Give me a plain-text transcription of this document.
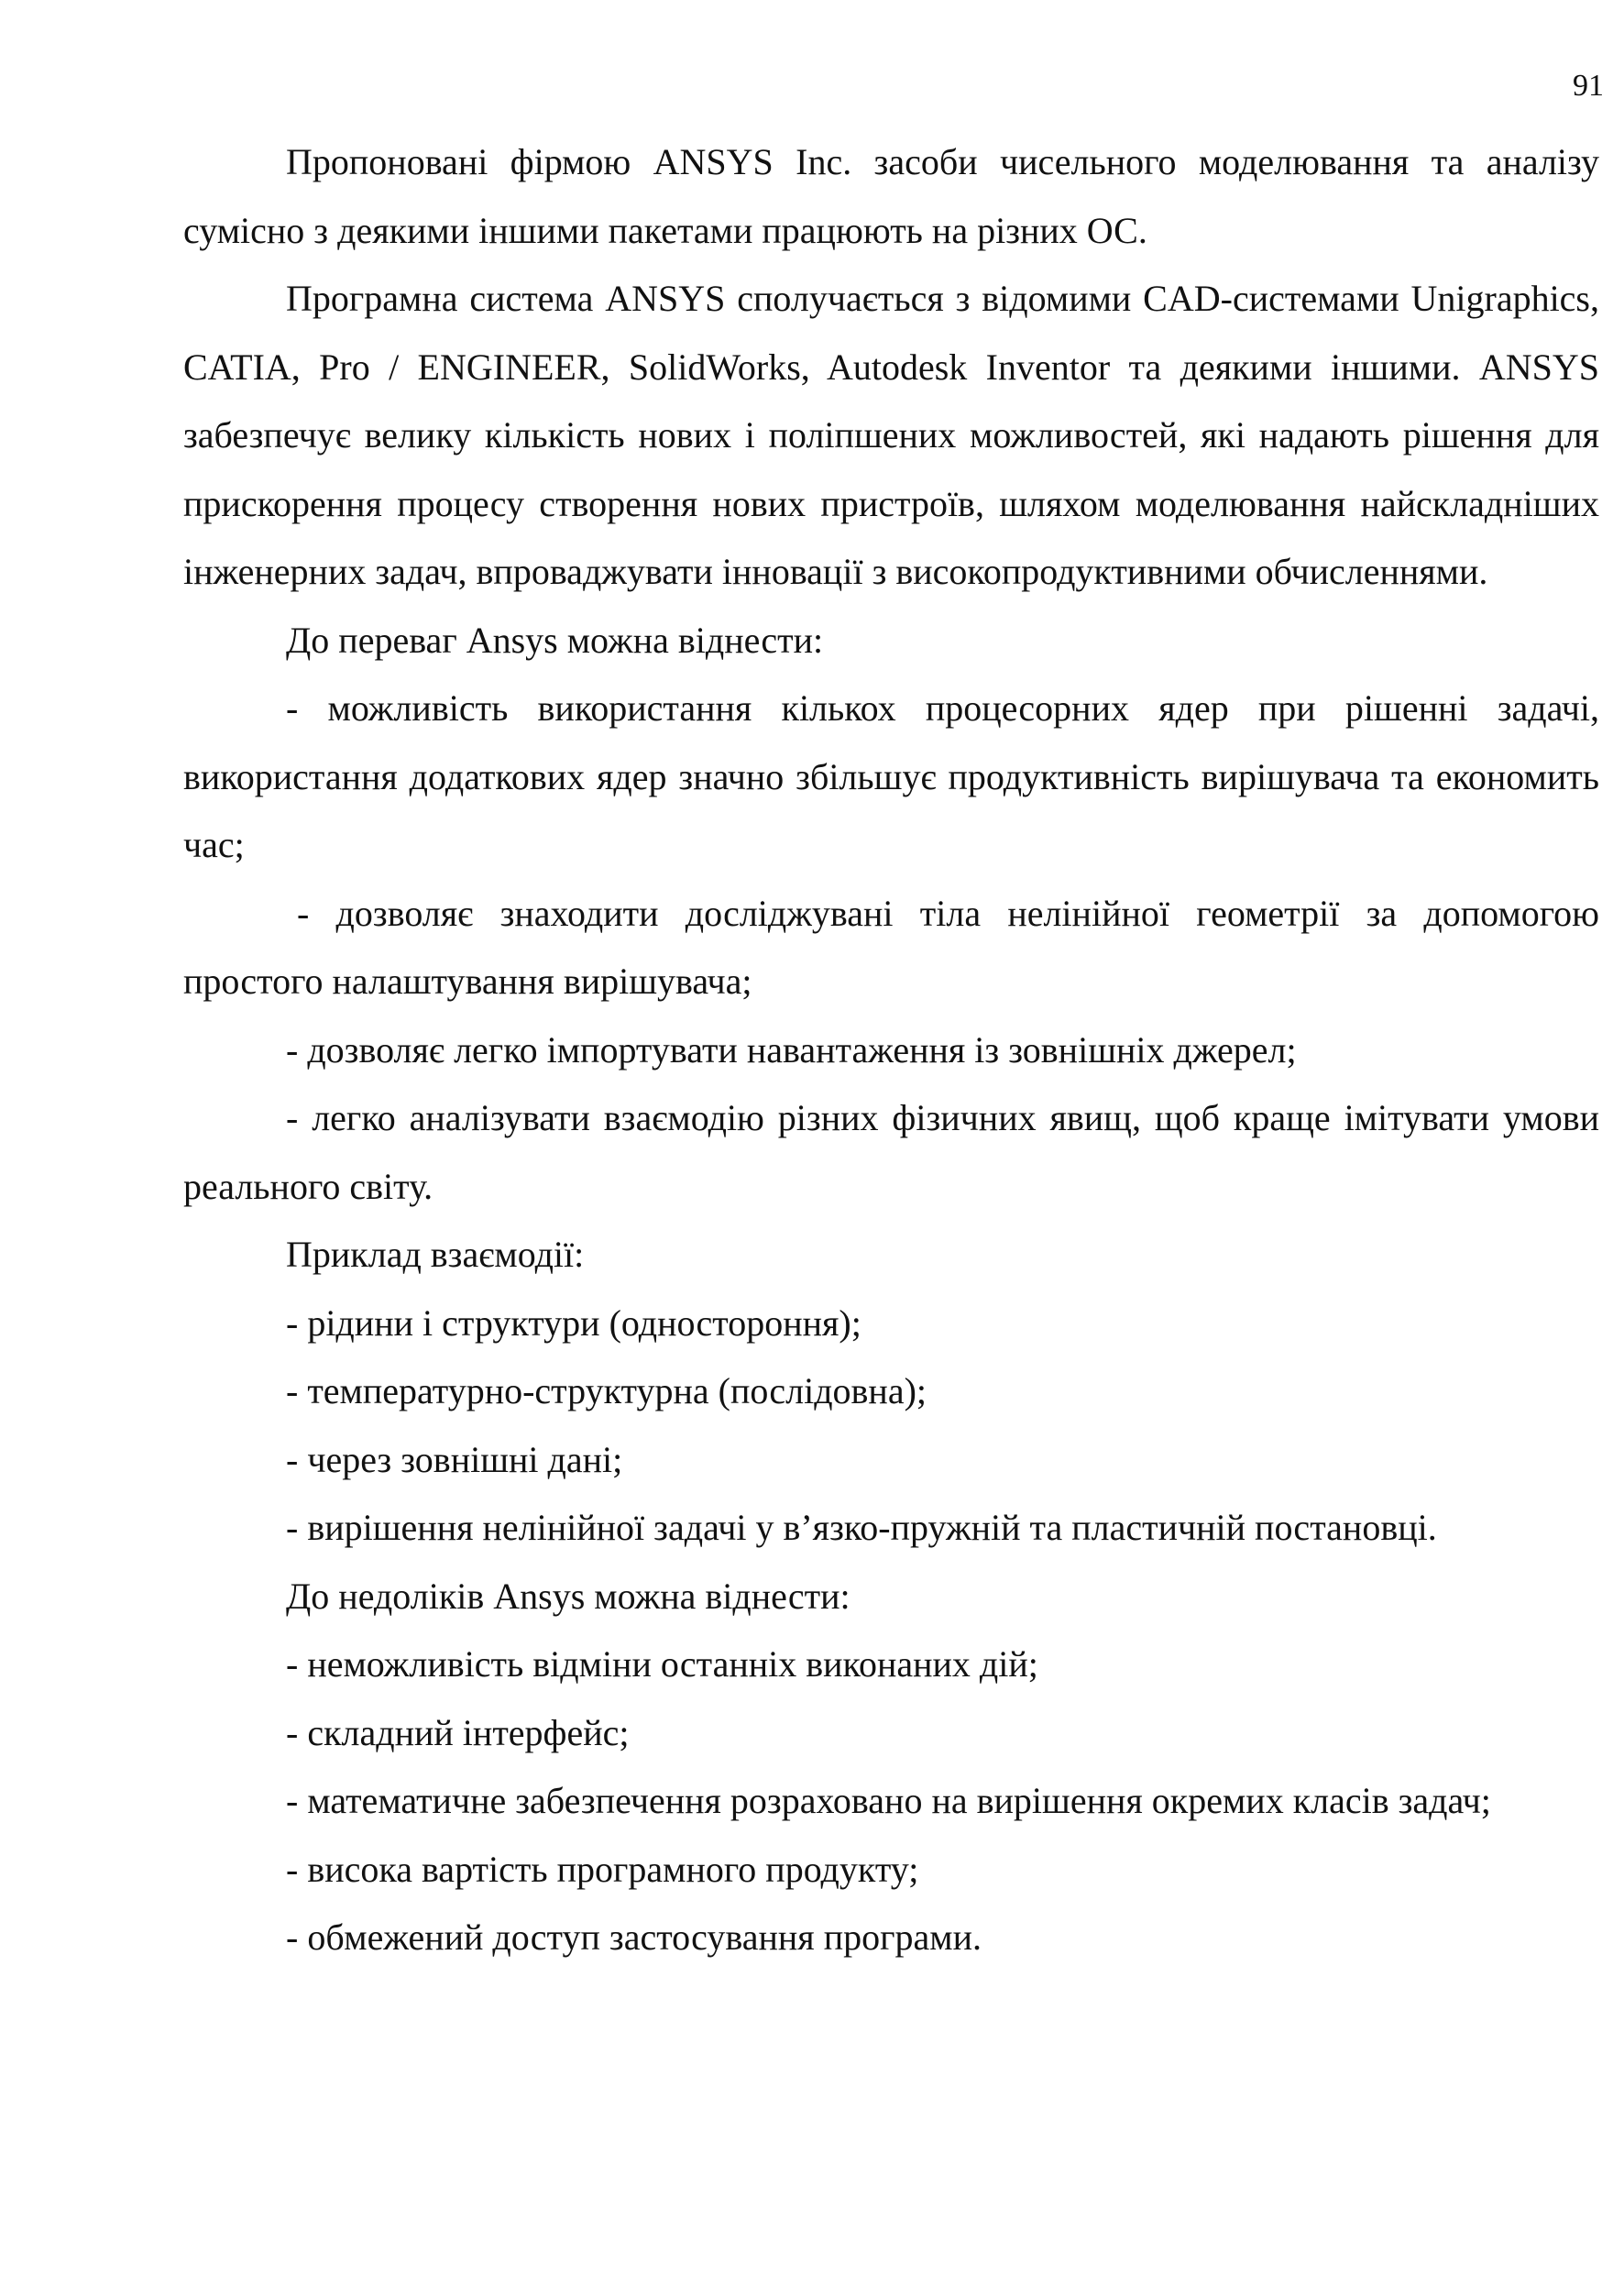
91

Пропоновані фірмою ANSYS Inc. засоби чисельного моделювання та аналізу сумісно з деякими іншими пакетами працюють на різних ОС.

Програмна система ANSYS сполучається з відомими CAD-системами Unigraphics, CATIA, Pro / ENGINEER, SolidWorks, Autodesk Inventor та деякими іншими. ANSYS забезпечує велику кількість нових і поліпшених можливостей, які надають рішення для прискорення процесу створення нових пристроїв, шляхом моделювання найскладніших інженерних задач, впроваджувати інновації з високопродуктивними обчисленнями.

До переваг Ansys можна віднести:

- можливість використання кількох процесорних ядер при рішенні задачі, використання додаткових ядер значно збільшує продуктивність вирішувача та економить час;

- дозволяє знаходити досліджувані тіла нелінійної геометрії за допомогою простого налаштування вирішувача;

- дозволяє легко імпортувати навантаження із зовнішніх джерел;

- легко аналізувати взаємодію різних фізичних явищ, щоб краще імітувати умови реального світу.

Приклад взаємодії:

- рідини і структури (одностороння);

- температурно-структурна (послідовна);

- через зовнішні дані;

- вирішення нелінійної задачі у в’язко-пружній та пластичній постановці.

До недоліків Ansys можна віднести:

- неможливість відміни останніх виконаних дій;

- складний інтерфейс;

- математичне забезпечення розраховано на вирішення окремих класів задач;

- висока вартість програмного продукту;

- обмежений доступ застосування програми.
